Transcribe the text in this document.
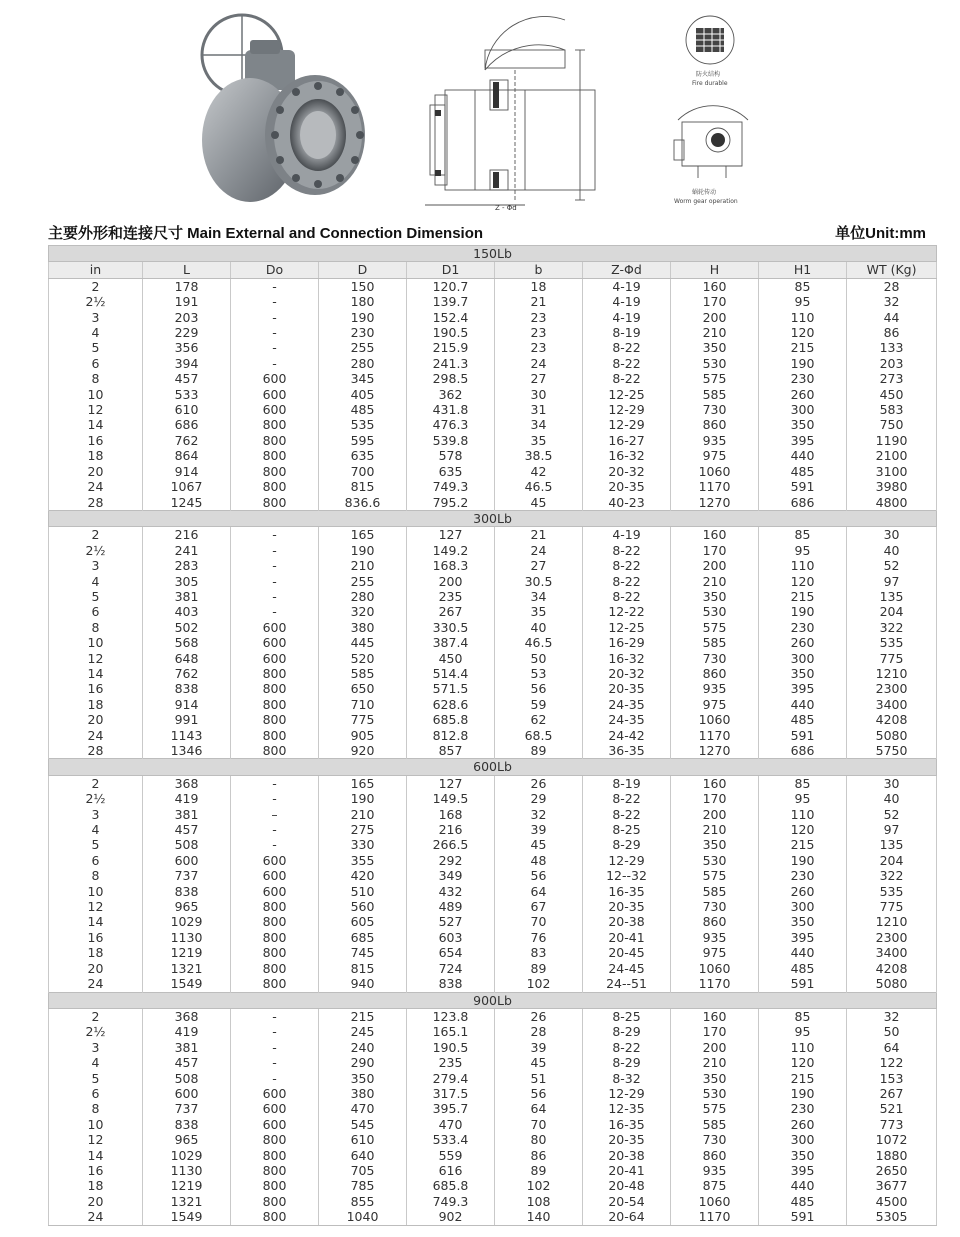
Z - Φd
防火结构
Fire durable
蜗轮传动
Worm gear operation
主要外形和连接尺寸 Main External and Connection Dimension	单位Unit:mm
150Lb									
in	L	Do	D	D1	b	Z-Φd	H	H1	WT (Kg)
2	178	-	150	120.7	18	4-19	160	85	28
2½	191	-	180	139.7	21	4-19	170	95	32
3	203	-	190	152.4	23	4-19	200	110	44
4	229	-	230	190.5	23	8-19	210	120	86
5	356	-	255	215.9	23	8-22	350	215	133
6	394	-	280	241.3	24	8-22	530	190	203
8	457	600	345	298.5	27	8-22	575	230	273
10	533	600	405	362	30	12-25	585	260	450
12	610	600	485	431.8	31	12-29	730	300	583
14	686	800	535	476.3	34	12-29	860	350	750
16	762	800	595	539.8	35	16-27	935	395	1190
18	864	800	635	578	38.5	16-32	975	440	2100
20	914	800	700	635	42	20-32	1060	485	3100
24	1067	800	815	749.3	46.5	20-35	1170	591	3980
28	1245	800	836.6	795.2	45	40-23	1270	686	4800
300Lb									
2	216	-	165	127	21	4-19	160	85	30
2½	241	-	190	149.2	24	8-22	170	95	40
3	283	-	210	168.3	27	8-22	200	110	52
4	305	-	255	200	30.5	8-22	210	120	97
5	381	-	280	235	34	8-22	350	215	135
6	403	-	320	267	35	12-22	530	190	204
8	502	600	380	330.5	40	12-25	575	230	322
10	568	600	445	387.4	46.5	16-29	585	260	535
12	648	600	520	450	50	16-32	730	300	775
14	762	800	585	514.4	53	20-32	860	350	1210
16	838	800	650	571.5	56	20-35	935	395	2300
18	914	800	710	628.6	59	24-35	975	440	3400
20	991	800	775	685.8	62	24-35	1060	485	4208
24	1143	800	905	812.8	68.5	24-42	1170	591	5080
28	1346	800	920	857	89	36-35	1270	686	5750
600Lb									
2	368	-	165	127	26	8-19	160	85	30
2½	419	-	190	149.5	29	8-22	170	95	40
3	381	–	210	168	32	8-22	200	110	52
4	457	-	275	216	39	8-25	210	120	97
5	508	-	330	266.5	45	8-29	350	215	135
6	600	600	355	292	48	12-29	530	190	204
8	737	600	420	349	56	12--32	575	230	322
10	838	600	510	432	64	16-35	585	260	535
12	965	800	560	489	67	20-35	730	300	775
14	1029	800	605	527	70	20-38	860	350	1210
16	1130	800	685	603	76	20-41	935	395	2300
18	1219	800	745	654	83	20-45	975	440	3400
20	1321	800	815	724	89	24-45	1060	485	4208
24	1549	800	940	838	102	24--51	1170	591	5080
900Lb									
2	368	-	215	123.8	26	8-25	160	85	32
2½	419	-	245	165.1	28	8-29	170	95	50
3	381	-	240	190.5	39	8-22	200	110	64
4	457	-	290	235	45	8-29	210	120	122
5	508	-	350	279.4	51	8-32	350	215	153
6	600	600	380	317.5	56	12-29	530	190	267
8	737	600	470	395.7	64	12-35	575	230	521
10	838	600	545	470	70	16-35	585	260	773
12	965	800	610	533.4	80	20-35	730	300	1072
14	1029	800	640	559	86	20-38	860	350	1880
16	1130	800	705	616	89	20-41	935	395	2650
18	1219	800	785	685.8	102	20-48	875	440	3677
20	1321	800	855	749.3	108	20-54	1060	485	4500
24	1549	800	1040	902	140	20-64	1170	591	5305
